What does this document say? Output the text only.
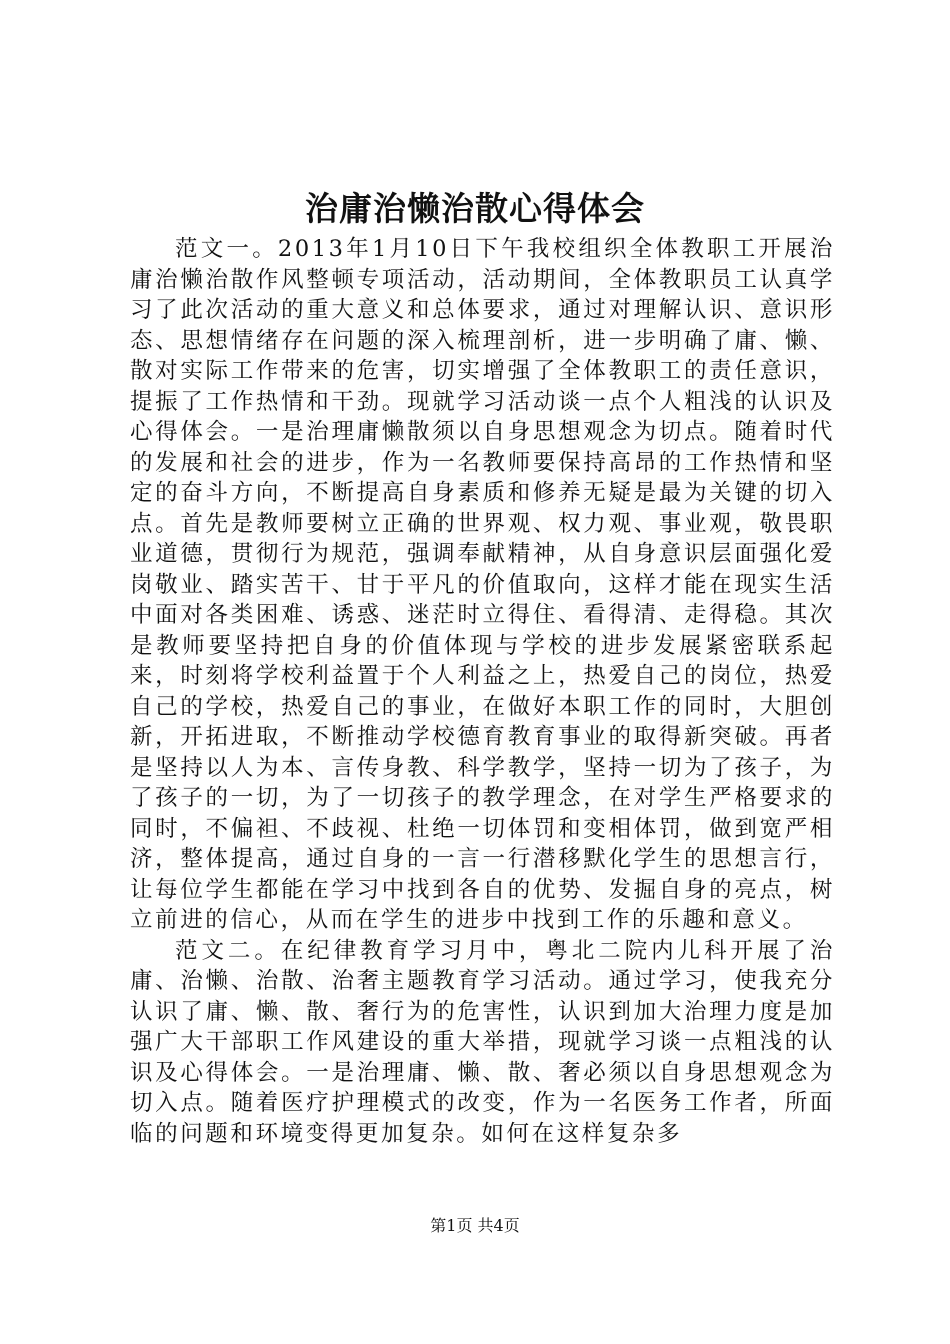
治庸治懒治散心得体会

范文一。2013年1月10日下午我校组织全体教职工开展治庸治懒治散作风整顿专项活动，活动期间，全体教职员工认真学习了此次活动的重大意义和总体要求，通过对理解认识、意识形态、思想情绪存在问题的深入梳理剖析，进一步明确了庸、懒、散对实际工作带来的危害，切实增强了全体教职工的责任意识，提振了工作热情和干劲。现就学习活动谈一点个人粗浅的认识及心得体会。一是治理庸懒散须以自身思想观念为切点。随着时代的发展和社会的进步，作为一名教师要保持高昂的工作热情和坚定的奋斗方向，不断提高自身素质和修养无疑是最为关键的切入点。首先是教师要树立正确的世界观、权力观、事业观，敬畏职业道德，贯彻行为规范，强调奉献精神，从自身意识层面强化爱岗敬业、踏实苦干、甘于平凡的价值取向，这样才能在现实生活中面对各类困难、诱惑、迷茫时立得住、看得清、走得稳。其次是教师要坚持把自身的价值体现与学校的进步发展紧密联系起来，时刻将学校利益置于个人利益之上，热爱自己的岗位，热爱自己的学校，热爱自己的事业，在做好本职工作的同时，大胆创新，开拓进取，不断推动学校德育教育事业的取得新突破。再者是坚持以人为本、言传身教、科学教学，坚持一切为了孩子，为了孩子的一切，为了一切孩子的教学理念，在对学生严格要求的同时，不偏袒、不歧视、杜绝一切体罚和变相体罚，做到宽严相济，整体提高，通过自身的一言一行潜移默化学生的思想言行，让每位学生都能在学习中找到各自的优势、发掘自身的亮点，树立前进的信心，从而在学生的进步中找到工作的乐趣和意义。

范文二。在纪律教育学习月中，粤北二院内儿科开展了治庸、治懒、治散、治奢主题教育学习活动。通过学习，使我充分认识了庸、懒、散、奢行为的危害性，认识到加大治理力度是加强广大干部职工作风建设的重大举措，现就学习谈一点粗浅的认识及心得体会。一是治理庸、懒、散、奢必须以自身思想观念为切入点。随着医疗护理模式的改变，作为一名医务工作者，所面临的问题和环境变得更加复杂。如何在这样复杂多

第1页 共4页
